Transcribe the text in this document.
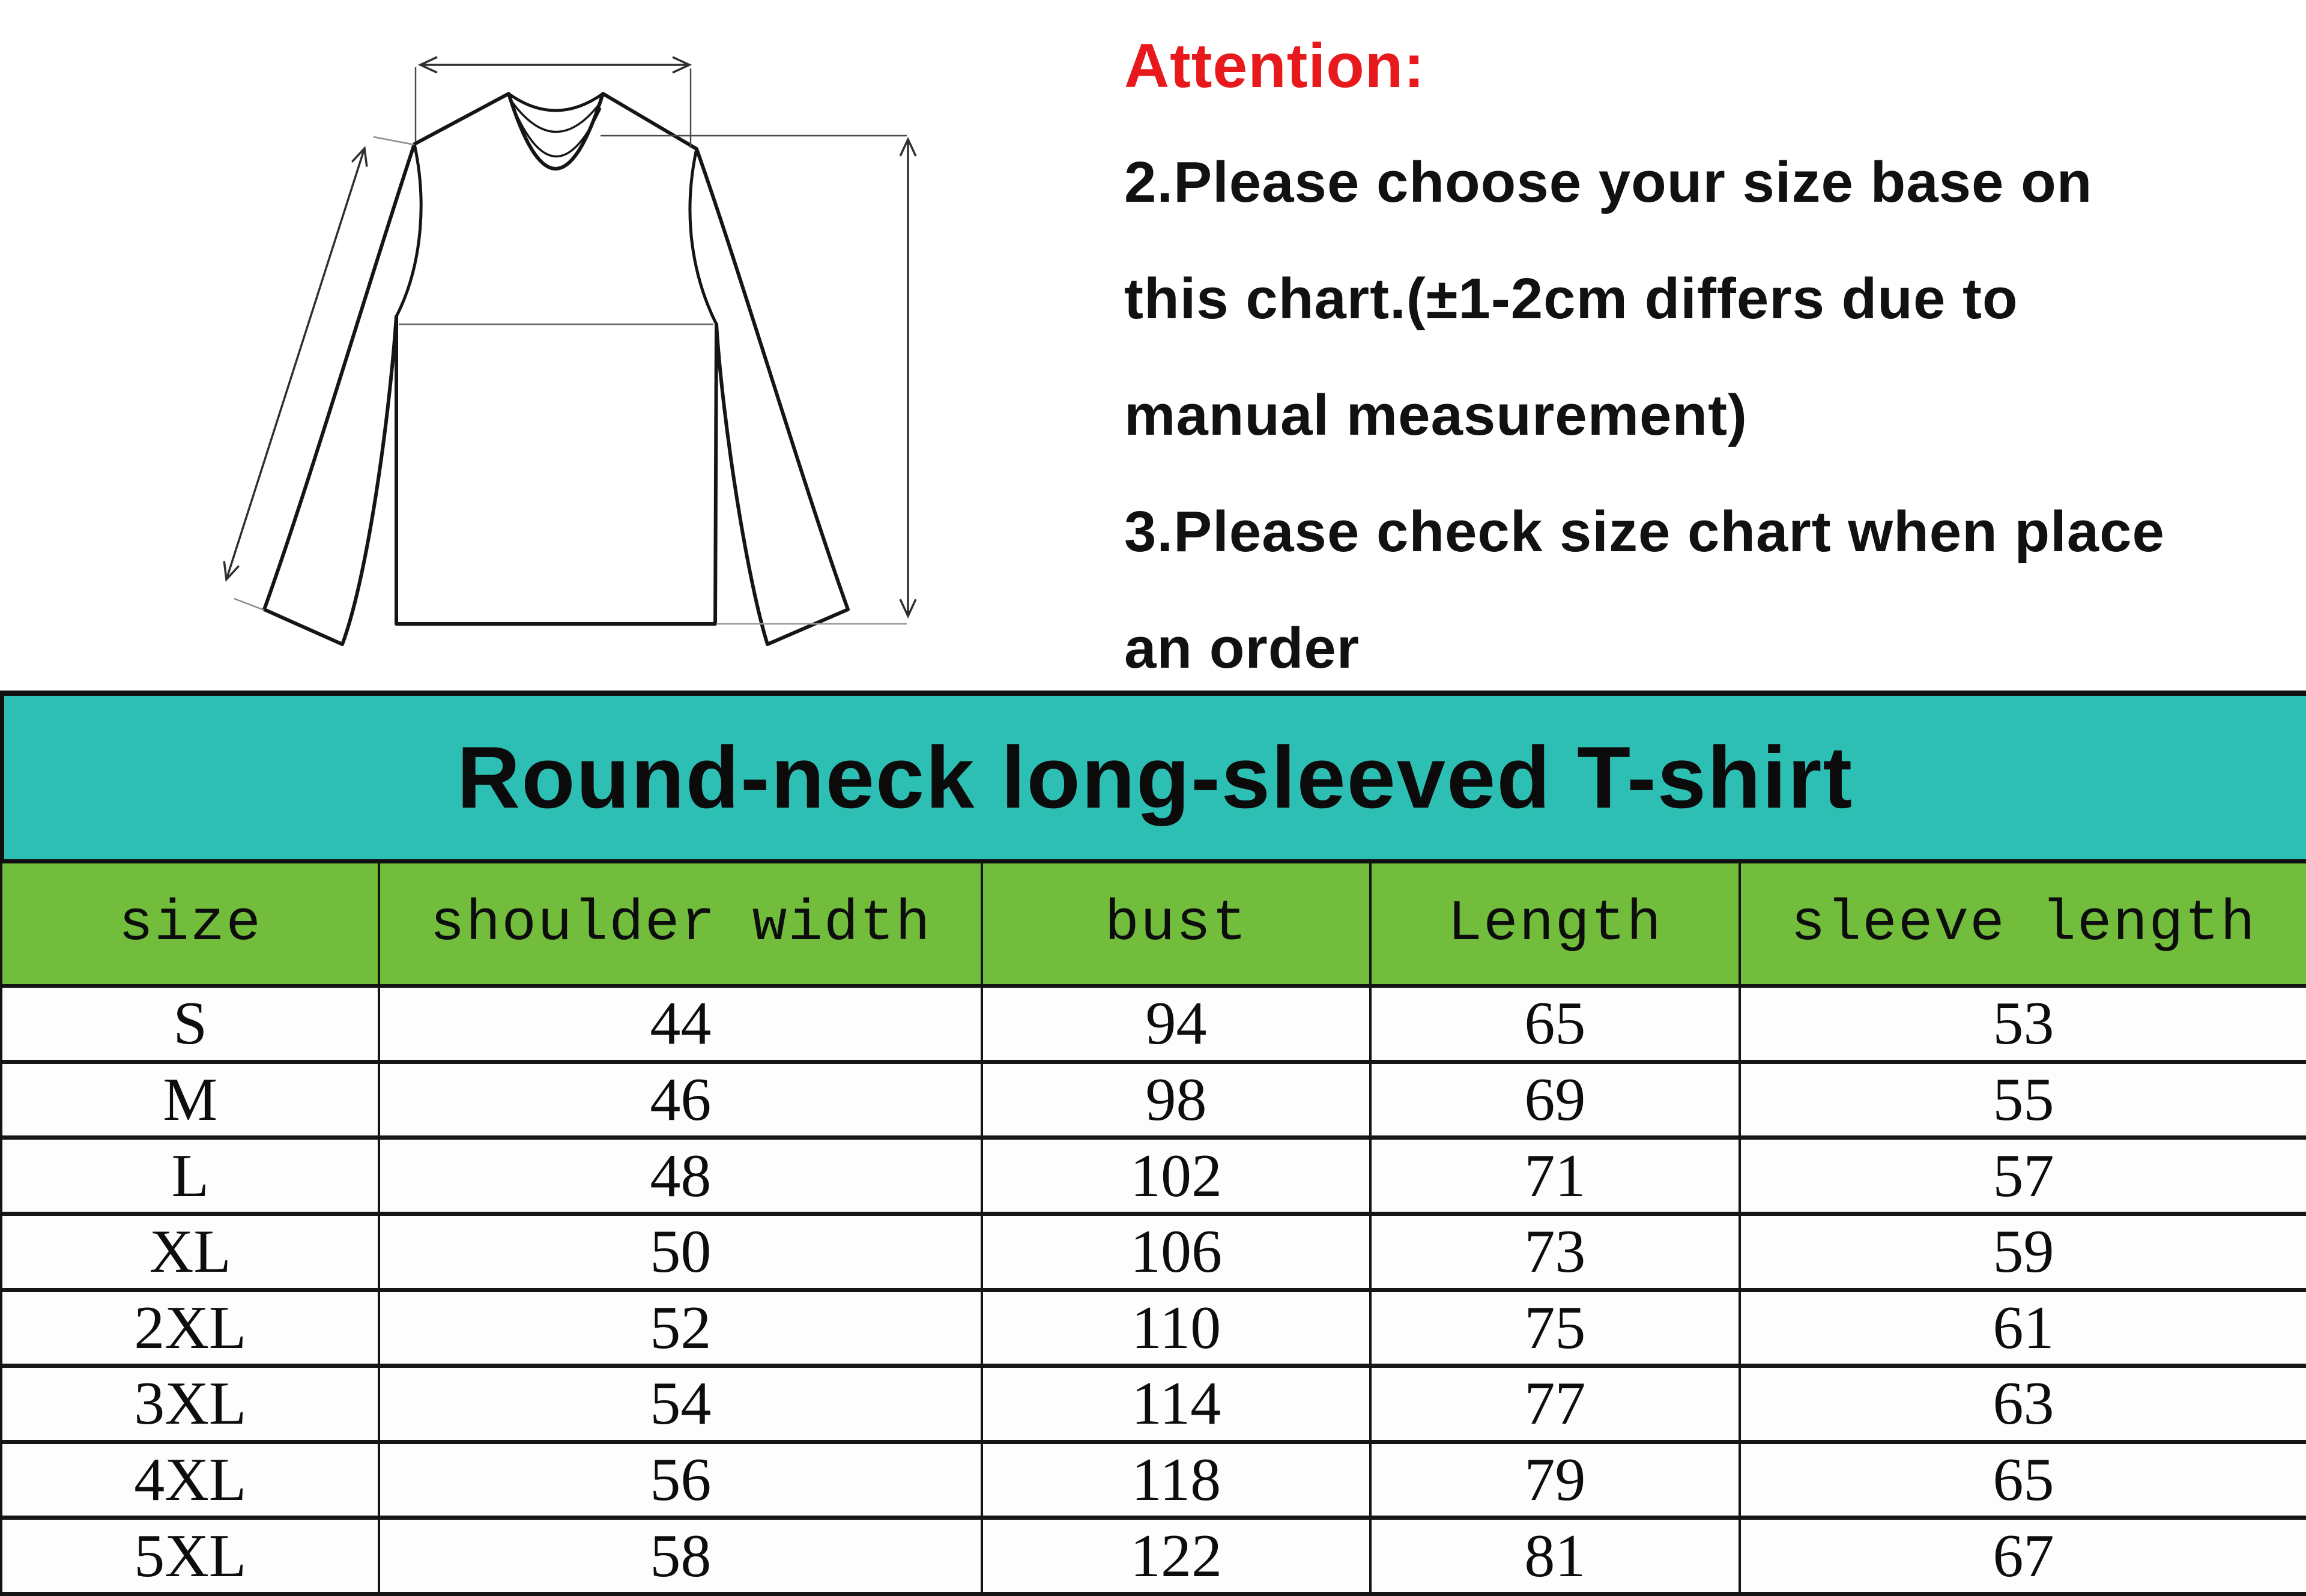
Attention:
2.Please choose your size base on
this chart.(±1-2cm differs due to
manual measurement)
3.Please check size chart when place
an order
Round-neck long-sleeved T-shirt
size	shoulder width	bust	Length	sleeve length
S	44	94	65	53
M	46	98	69	55
L	48	102	71	57
XL	50	106	73	59
2XL	52	110	75	61
3XL	54	114	77	63
4XL	56	118	79	65
5XL	58	122	81	67
